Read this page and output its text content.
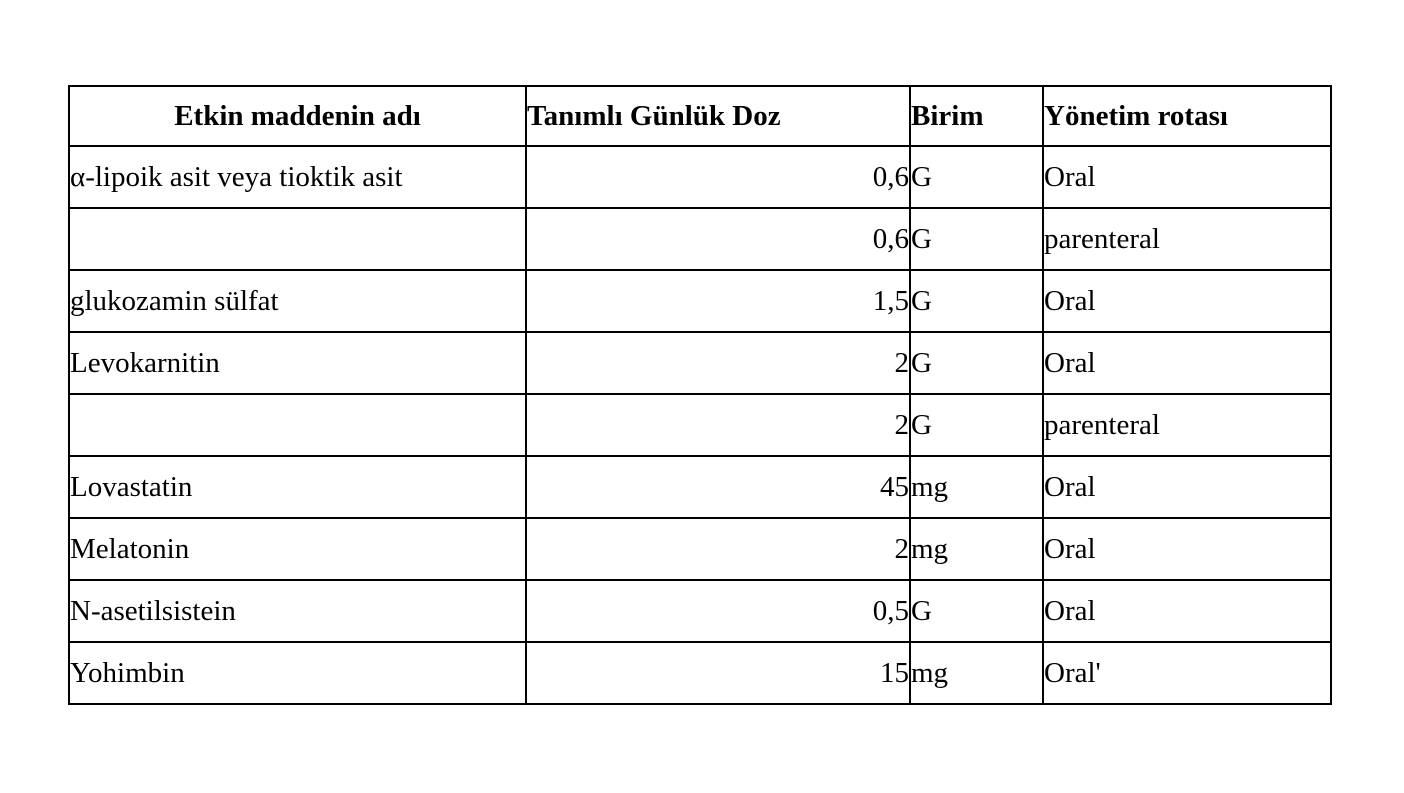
Etkin maddenin adı	Tanımlı Günlük Doz	Birim	Yönetim rotası
α-lipoik asit veya tioktik asit	0,6	G	Oral
	0,6	G	parenteral
glukozamin sülfat	1,5	G	Oral
Levokarnitin	2	G	Oral
	2	G	parenteral
Lovastatin	45	mg	Oral
Melatonin	2	mg	Oral
N-asetilsistein	0,5	G	Oral
Yohimbin	15	mg	Oral'
